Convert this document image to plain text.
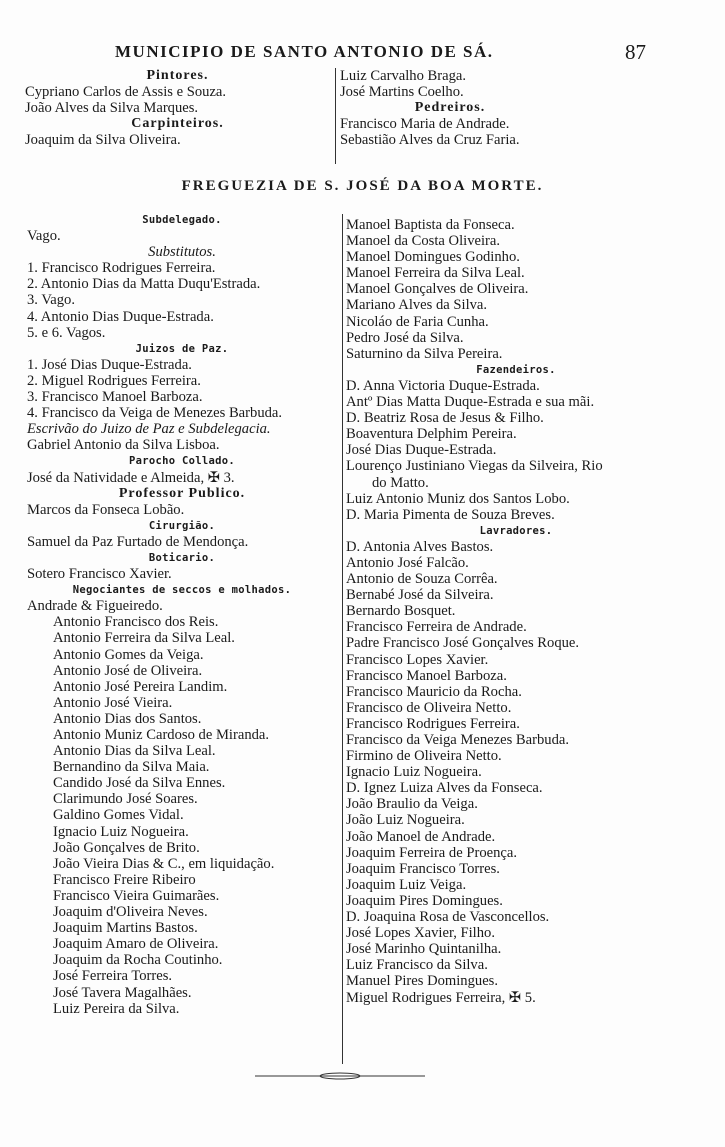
MUNICIPIO DE SANTO ANTONIO DE SÁ.	87
Pintores.
Cypriano Carlos de Assis e Souza.
João Alves da Silva Marques.
Carpinteiros.
Joaquim da Silva Oliveira.
Luiz Carvalho Braga.
José Martins Coelho.
Pedreiros.
Francisco Maria de Andrade.
Sebastião Alves da Cruz Faria.
FREGUEZIA DE S. JOSÉ DA BOA MORTE.
Subdelegado.
Vago.
Substitutos.
1. Francisco Rodrigues Ferreira.
2. Antonio Dias da Matta Duqu'Estrada.
3. Vago.
4. Antonio Dias Duque-Estrada.
5. e 6. Vagos.
Juizos de Paz.
1. José Dias Duque-Estrada.
2. Miguel Rodrigues Ferreira.
3. Francisco Manoel Barboza.
4. Francisco da Veiga de Menezes Barbuda.
Escrivão do Juizo de Paz e Subdelegacia.
Gabriel Antonio da Silva Lisboa.
Parocho Collado.
José da Natividade e Almeida, ✠ 3.
Professor Publico.
Marcos da Fonseca Lobão.
Cirurgião.
Samuel da Paz Furtado de Mendonça.
Boticario.
Sotero Francisco Xavier.
Negociantes de seccos e molhados.
Andrade & Figueiredo.
Antonio Francisco dos Reis.
Antonio Ferreira da Silva Leal.
Antonio Gomes da Veiga.
Antonio José de Oliveira.
Antonio José Pereira Landim.
Antonio José Vieira.
Antonio Dias dos Santos.
Antonio Muniz Cardoso de Miranda.
Antonio Dias da Silva Leal.
Bernandino da Silva Maia.
Candido José da Silva Ennes.
Clarimundo José Soares.
Galdino Gomes Vidal.
Ignacio Luiz Nogueira.
João Gonçalves de Brito.
João Vieira Dias & C., em liquidação.
Francisco Freire Ribeiro
Francisco Vieira Guimarães.
Joaquim d'Oliveira Neves.
Joaquim Martins Bastos.
Joaquim Amaro de Oliveira.
Joaquim da Rocha Coutinho.
José Ferreira Torres.
José Tavera Magalhães.
Luiz Pereira da Silva.
Manoel Baptista da Fonseca.
Manoel da Costa Oliveira.
Manoel Domingues Godinho.
Manoel Ferreira da Silva Leal.
Manoel Gonçalves de Oliveira.
Mariano Alves da Silva.
Nicoláo de Faria Cunha.
Pedro José da Silva.
Saturnino da Silva Pereira.
Fazendeiros.
D. Anna Victoria Duque-Estrada.
Antº Dias Matta Duque-Estrada e sua mãi.
D. Beatriz Rosa de Jesus & Filho.
Boaventura Delphim Pereira.
José Dias Duque-Estrada.
Lourenço Justiniano Viegas da Silveira, Rio
do Matto.
Luiz Antonio Muniz dos Santos Lobo.
D. Maria Pimenta de Souza Breves.
Lavradores.
D. Antonia Alves Bastos.
Antonio José Falcão.
Antonio de Souza Corrêa.
Bernabé José da Silveira.
Bernardo Bosquet.
Francisco Ferreira de Andrade.
Padre Francisco José Gonçalves Roque.
Francisco Lopes Xavier.
Francisco Manoel Barboza.
Francisco Mauricio da Rocha.
Francisco de Oliveira Netto.
Francisco Rodrigues Ferreira.
Francisco da Veiga Menezes Barbuda.
Firmino de Oliveira Netto.
Ignacio Luiz Nogueira.
D. Ignez Luiza Alves da Fonseca.
João Braulio da Veiga.
João Luiz Nogueira.
João Manoel de Andrade.
Joaquim Ferreira de Proença.
Joaquim Francisco Torres.
Joaquim Luiz Veiga.
Joaquim Pires Domingues.
D. Joaquina Rosa de Vasconcellos.
José Lopes Xavier, Filho.
José Marinho Quintanilha.
Luiz Francisco da Silva.
Manuel Pires Domingues.
Miguel Rodrigues Ferreira, ✠ 5.
